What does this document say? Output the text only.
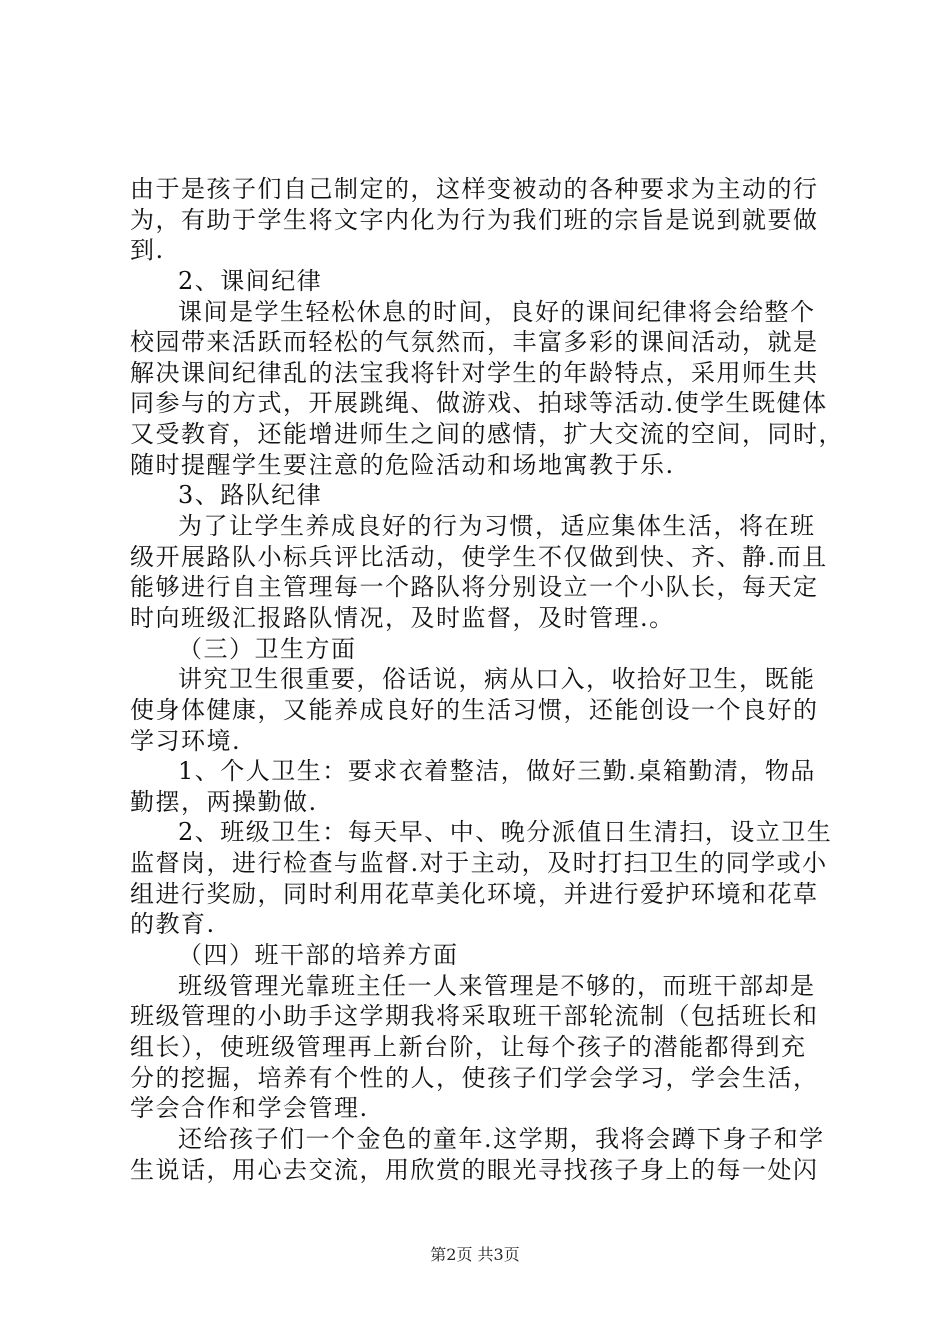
由于是孩子们自己制定的，这样变被动的各种要求为主动的行
为，有助于学生将文字内化为行为我们班的宗旨是说到就要做
到.
2、课间纪律
课间是学生轻松休息的时间，良好的课间纪律将会给整个
校园带来活跃而轻松的气氛然而，丰富多彩的课间活动，就是
解决课间纪律乱的法宝我将针对学生的年龄特点，采用师生共
同参与的方式，开展跳绳、做游戏、拍球等活动.使学生既健体
又受教育，还能增进师生之间的感情，扩大交流的空间，同时，
随时提醒学生要注意的危险活动和场地寓教于乐.
3、路队纪律
为了让学生养成良好的行为习惯，适应集体生活，将在班
级开展路队小标兵评比活动，使学生不仅做到快、齐、静.而且
能够进行自主管理每一个路队将分别设立一个小队长，每天定
时向班级汇报路队情况，及时监督，及时管理.。
（三）卫生方面
讲究卫生很重要，俗话说，病从口入，收拾好卫生，既能
使身体健康，又能养成良好的生活习惯，还能创设一个良好的
学习环境.
1、个人卫生：要求衣着整洁，做好三勤.桌箱勤清，物品
勤摆，两操勤做.
2、班级卫生：每天早、中、晚分派值日生清扫，设立卫生
监督岗，进行检查与监督.对于主动，及时打扫卫生的同学或小
组进行奖励，同时利用花草美化环境，并进行爱护环境和花草
的教育.
（四）班干部的培养方面
班级管理光靠班主任一人来管理是不够的，而班干部却是
班级管理的小助手这学期我将采取班干部轮流制（包括班长和
组长），使班级管理再上新台阶，让每个孩子的潜能都得到充
分的挖掘，培养有个性的人，使孩子们学会学习，学会生活，
学会合作和学会管理.
还给孩子们一个金色的童年.这学期，我将会蹲下身子和学
生说话，用心去交流，用欣赏的眼光寻找孩子身上的每一处闪
第2页 共3页
